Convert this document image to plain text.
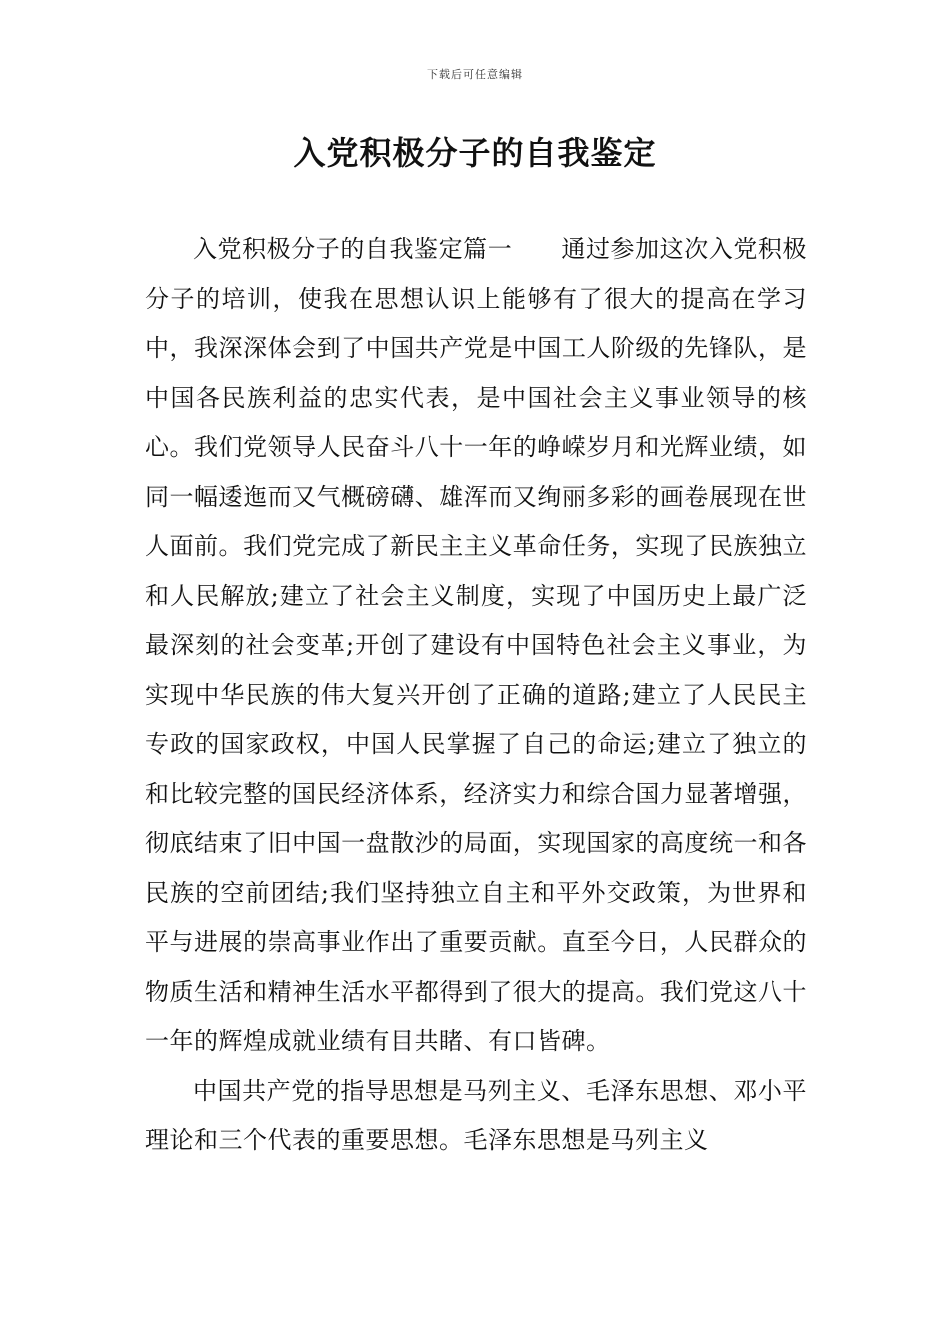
下载后可任意编辑
入党积极分子的自我鉴定

入党积极分子的自我鉴定篇一　　通过参加这次入党积极分子的培训，使我在思想认识上能够有了很大的提高在学习中，我深深体会到了中国共产党是中国工人阶级的先锋队，是中国各民族利益的忠实代表，是中国社会主义事业领导的核心。我们党领导人民奋斗八十一年的峥嵘岁月和光辉业绩，如同一幅逶迤而又气概磅礴、雄浑而又绚丽多彩的画卷展现在世人面前。我们党完成了新民主主义革命任务，实现了民族独立和人民解放;建立了社会主义制度，实现了中国历史上最广泛最深刻的社会变革;开创了建设有中国特色社会主义事业，为实现中华民族的伟大复兴开创了正确的道路;建立了人民民主专政的国家政权，中国人民掌握了自己的命运;建立了独立的和比较完整的国民经济体系，经济实力和综合国力显著增强，彻底结束了旧中国一盘散沙的局面，实现国家的高度统一和各民族的空前团结;我们坚持独立自主和平外交政策，为世界和平与进展的崇高事业作出了重要贡献。直至今日，人民群众的物质生活和精神生活水平都得到了很大的提高。我们党这八十一年的辉煌成就业绩有目共睹、有口皆碑。

中国共产党的指导思想是马列主义、毛泽东思想、邓小平理论和三个代表的重要思想。毛泽东思想是马列主义
